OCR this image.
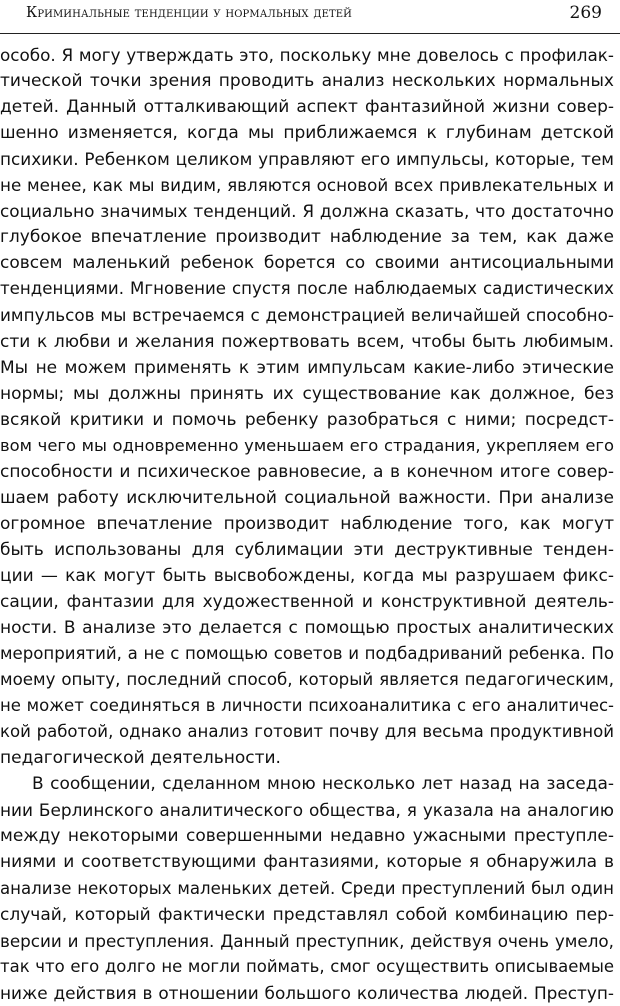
Криминальные тенденции у нормальных детей	269
особо. Я могу утверждать это, поскольку мне довелось с профилак-
тической точки зрения проводить анализ нескольких нормальных
детей. Данный отталкивающий аспект фантазийной жизни совер-
шенно изменяется, когда мы приближаемся к глубинам детской
психики. Ребенком целиком управляют его импульсы, которые, тем
не менее, как мы видим, являются основой всех привлекательных и
социально значимых тенденций. Я должна сказать, что достаточно
глубокое впечатление производит наблюдение за тем, как даже
совсем маленький ребенок борется со своими антисоциальными
тенденциями. Мгновение спустя после наблюдаемых садистических
импульсов мы встречаемся с демонстрацией величайшей способно-
сти к любви и желания пожертвовать всем, чтобы быть любимым.
Мы не можем применять к этим импульсам какие-либо этические
нормы; мы должны принять их существование как должное, без
всякой критики и помочь ребенку разобраться с ними; посредст-
вом чего мы одновременно уменьшаем его страдания, укрепляем его
способности и психическое равновесие, а в конечном итоге совер-
шаем работу исключительной социальной важности. При анализе
огромное впечатление производит наблюдение того, как могут
быть использованы для сублимации эти деструктивные тенден-
ции — как могут быть высвобождены, когда мы разрушаем фикс-
сации, фантазии для художественной и конструктивной деятель-
ности. В анализе это делается с помощью простых аналитических
мероприятий, а не с помощью советов и подбадриваний ребенка. По
моему опыту, последний способ, который является педагогическим,
не может соединяться в личности психоаналитика с его аналитичес-
кой работой, однако анализ готовит почву для весьма продуктивной
педагогической деятельности.
В сообщении, сделанном мною несколько лет назад на заседа-
нии Берлинского аналитического общества, я указала на аналогию
между некоторыми совершенными недавно ужасными преступле-
ниями и соответствующими фантазиями, которые я обнаружила в
анализе некоторых маленьких детей. Среди преступлений был один
случай, который фактически представлял собой комбинацию пер-
версии и преступления. Данный преступник, действуя очень умело,
так что его долго не могли поймать, смог осуществить описываемые
ниже действия в отношении большого количества людей. Преступ-
